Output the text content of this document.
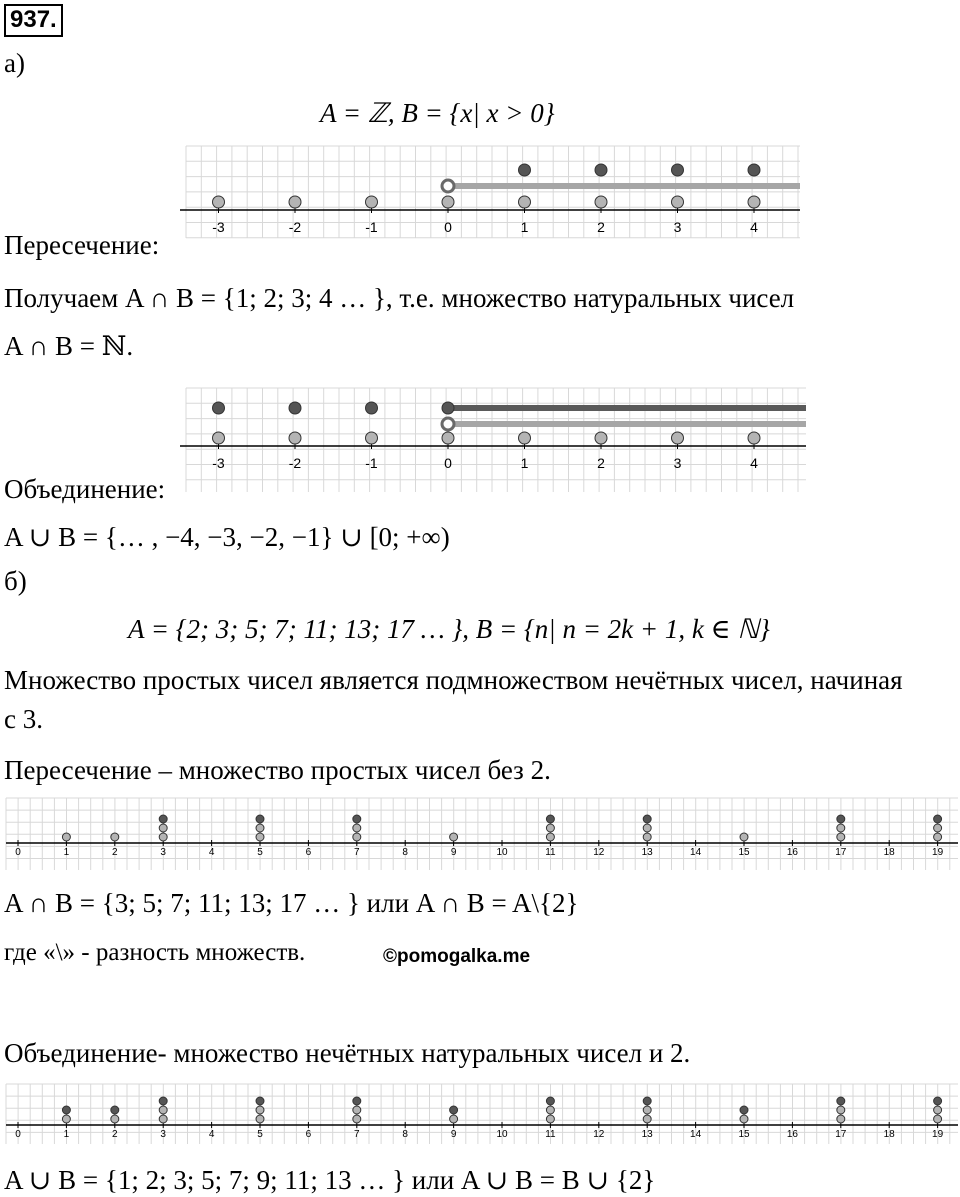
937.
а)
A = ℤ, B = {x| x > 0}
-3	-2	-1	0	1	2	3	4
Пересечение:
Получаем A ∩ B = {1; 2; 3; 4 … }, т.е. множество натуральных чисел
A ∩ B = ℕ.
-3	-2	-1	0	1	2	3	4
Объединение:
A ∪ B = {… , −4, −3, −2, −1} ∪ [0; +∞)
б)
A = {2; 3; 5; 7; 11; 13; 17 … }, B = {n| n = 2k + 1, k ∈ ℕ}
Множество простых чисел является подмножеством нечётных чисел, начиная
с 3.
Пересечение – множество простых чисел без 2.
0	1	2	3	4	5	6	7	8	9	10	11	12	13	14	15	16	17	18	19
A ∩ B = {3; 5; 7; 11; 13; 17 … } или A ∩ B = A\{2}
где «\» - разность множеств.	©pomogalka.me
Объединение- множество нечётных натуральных чисел и 2.
0	1	2	3	4	5	6	7	8	9	10	11	12	13	14	15	16	17	18	19
A ∪ B = {1; 2; 3; 5; 7; 9; 11; 13 … } или A ∪ B = B ∪ {2}
